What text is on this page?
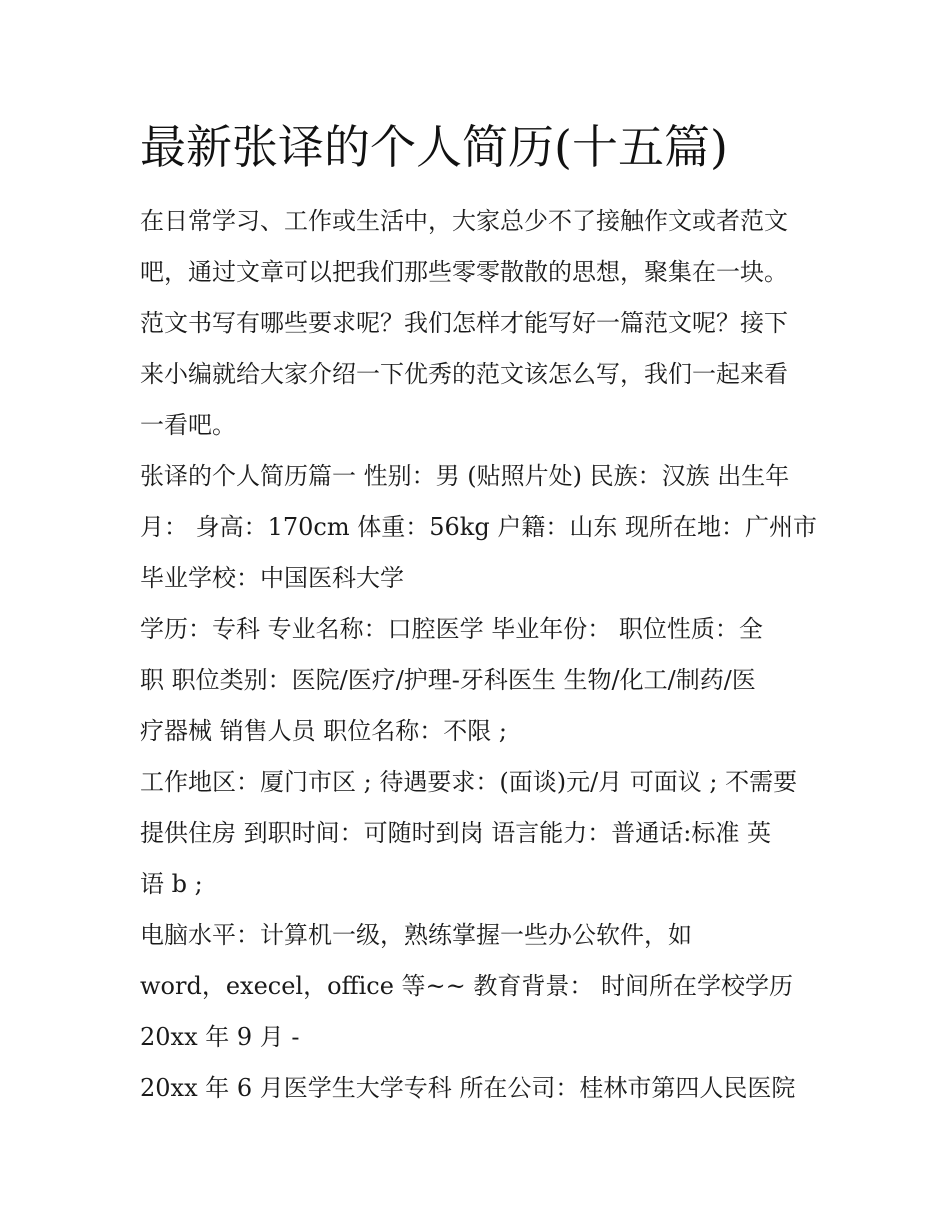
最新张译的个人简历(十五篇)
在日常学习、工作或生活中，大家总少不了接触作文或者范文
吧，通过文章可以把我们那些零零散散的思想，聚集在一块。
范文书写有哪些要求呢？我们怎样才能写好一篇范文呢？接下
来小编就给大家介绍一下优秀的范文该怎么写，我们一起来看
一看吧。
张译的个人简历篇一 性别：男 (贴照片处) 民族：汉族 出生年
月： 身高：170cm 体重：56kg 户籍：山东 现所在地：广州市
毕业学校：中国医科大学
学历：专科 专业名称：口腔医学 毕业年份： 职位性质：全
职 职位类别：医院/医疗/护理-牙科医生 生物/化工/制药/医
疗器械 销售人员 职位名称：不限 ;
工作地区：厦门市区 ; 待遇要求：(面谈)元/月 可面议 ; 不需要
提供住房 到职时间：可随时到岗 语言能力：普通话:标准 英
语 b ;
电脑水平：计算机一级，熟练掌握一些办公软件，如
word，execel，office 等~~ 教育背景： 时间所在学校学历
20xx 年 9 月 -
20xx 年 6 月医学生大学专科 所在公司：桂林市第四人民医院
